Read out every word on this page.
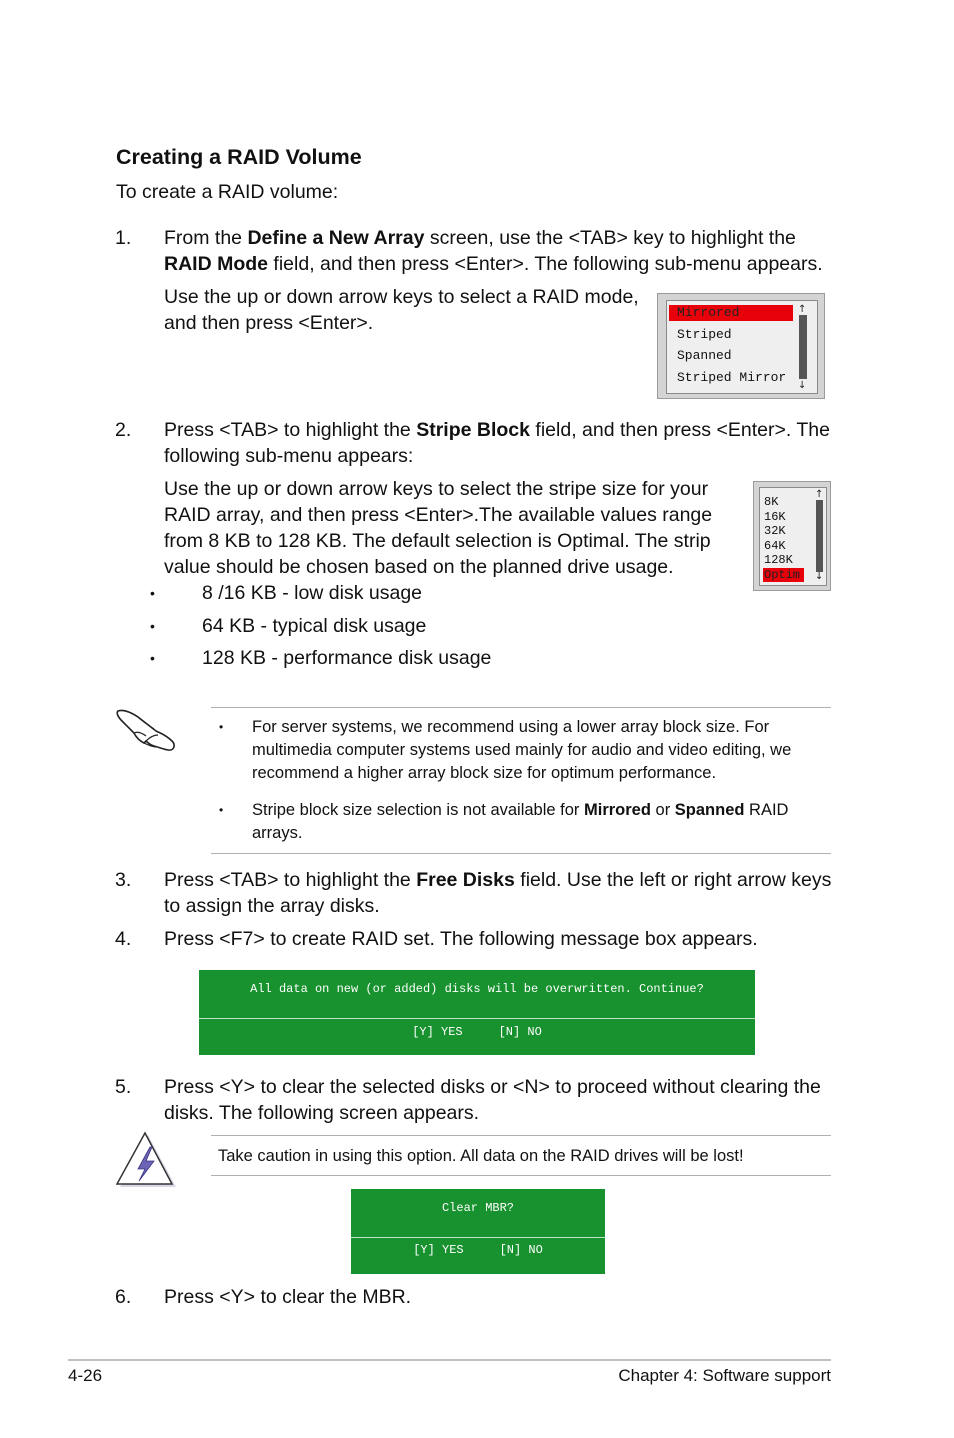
Creating a RAID Volume
To create a RAID volume:
1. From the Define a New Array screen, use the <TAB> key to highlight the
RAID Mode field, and then press <Enter>. The following sub-menu appears.
Use the up or down arrow keys to select a RAID mode,
and then press <Enter>.	Mirrored
Striped
Spanned
Striped Mirror
↑
↓
2. Press <TAB> to highlight the Stripe Block field, and then press <Enter>. The
following sub-menu appears:
Use the up or down arrow keys to select the stripe size for your
RAID array, and then press <Enter>.The available values range
from 8 KB to 128 KB. The default selection is Optimal. The strip
value should be chosen based on the planned drive usage.
8K
16K
32K
64K
128K
Optim
↑
↓
• 8 /16 KB - low disk usage
• 64 KB - typical disk usage
• 128 KB - performance disk usage
• For server systems, we recommend using a lower array block size. For
multimedia computer systems used mainly for audio and video editing, we
recommend a higher array block size for optimum performance.
• Stripe block size selection is not available for Mirrored or Spanned RAID
arrays.
3. Press <TAB> to highlight the Free Disks field. Use the left or right arrow keys
to assign the array disks.
4. Press <F7> to create RAID set. The following message box appears.
All data on new (or added) disks will be overwritten. Continue?
[Y] YES     [N] NO
5. Press <Y> to clear the selected disks or <N> to proceed without clearing the
disks. The following screen appears.
Take caution in using this option. All data on the RAID drives will be lost!
Clear MBR?
[Y] YES     [N] NO
6. Press <Y> to clear the MBR.
4-26	Chapter 4: Software support
